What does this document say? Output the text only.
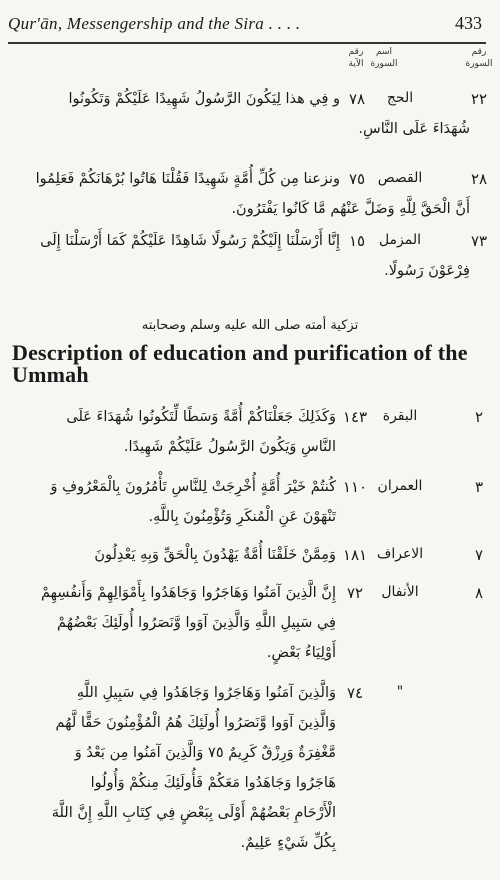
Qur'ān, Messengership and the Sira . . . .	433
رقم السورة
اسم السورة
رقم الآية
٢٢
الحج
٧٨
و فِي هذا لِيَكُونَ الرَّسُولُ شَهِيدًا عَلَيْكُمْ وَتَكُونُوا
شُهَدَاءَ عَلَى النَّاسِ.
٢٨
القصص
٧٥
ونزعنا مِن كُلِّ أُمَّةٍ شَهِيدًا فَقُلْنَا هَاتُوا بُرْهَانَكُمْ فَعَلِمُوا
أَنَّ الْحَقَّ لِلَّهِ وَضَلَّ عَنْهُم مَّا كَانُوا يَفْتَرُونَ.
٧٣
المزمل
١٥
إِنَّا أَرْسَلْنَا إِلَيْكُمْ رَسُولًا شَاهِدًا عَلَيْكُمْ كَمَا أَرْسَلْنَا إِلَى
فِرْعَوْنَ رَسُولًا.
تزكية أمته صلى الله عليه وسلم وصحابته
Description of education and purification of the Ummah
٢
البقرة
١٤٣
وَكَذَلِكَ جَعَلْنَاكُمْ أُمَّةً وَسَطًا لِّتَكُونُوا شُهَدَاءَ عَلَى
النَّاسِ وَيَكُونَ الرَّسُولُ عَلَيْكُمْ شَهِيدًا.
٣
العمران
١١٠
كُنتُمْ خَيْرَ أُمَّةٍ أُخْرِجَتْ لِلنَّاسِ تَأْمُرُونَ بِالْمَعْرُوفِ وَ
تَنْهَوْنَ عَنِ الْمُنكَرِ وَتُؤْمِنُونَ بِاللَّهِ.
٧
الاعراف
١٨١
وَمِمَّنْ خَلَقْنَا أُمَّةٌ يَهْدُونَ بِالْحَقِّ وَبِهِ يَعْدِلُونَ
٨
الأنفال
٧٢
إِنَّ الَّذِينَ آمَنُوا وَهَاجَرُوا وَجَاهَدُوا بِأَمْوَالِهِمْ وَأَنفُسِهِمْ
فِي سَبِيلِ اللَّهِ وَالَّذِينَ آوَوا وَّنَصَرُوا أُولَئِكَ بَعْضُهُمْ
أَوْلِيَاءُ بَعْضٍ.
"
٧٤
وَالَّذِينَ آمَنُوا وَهَاجَرُوا وَجَاهَدُوا فِي سَبِيلِ اللَّهِ
وَالَّذِينَ آوَوا وَّنَصَرُوا أُولَئِكَ هُمُ الْمُؤْمِنُونَ حَقًّا لَّهُم
مَّغْفِرَةٌ وَرِزْقٌ كَرِيمٌ ٧٥ وَالَّذِينَ آمَنُوا مِن بَعْدُ وَ
هَاجَرُوا وَجَاهَدُوا مَعَكُمْ فَأُولَئِكَ مِنكُمْ وَأُولُوا
الْأَرْحَامِ بَعْضُهُمْ أَوْلَى بِبَعْضٍ فِي كِتَابِ اللَّهِ إِنَّ اللَّهَ
بِكُلِّ شَيْءٍ عَلِيمٌ.
